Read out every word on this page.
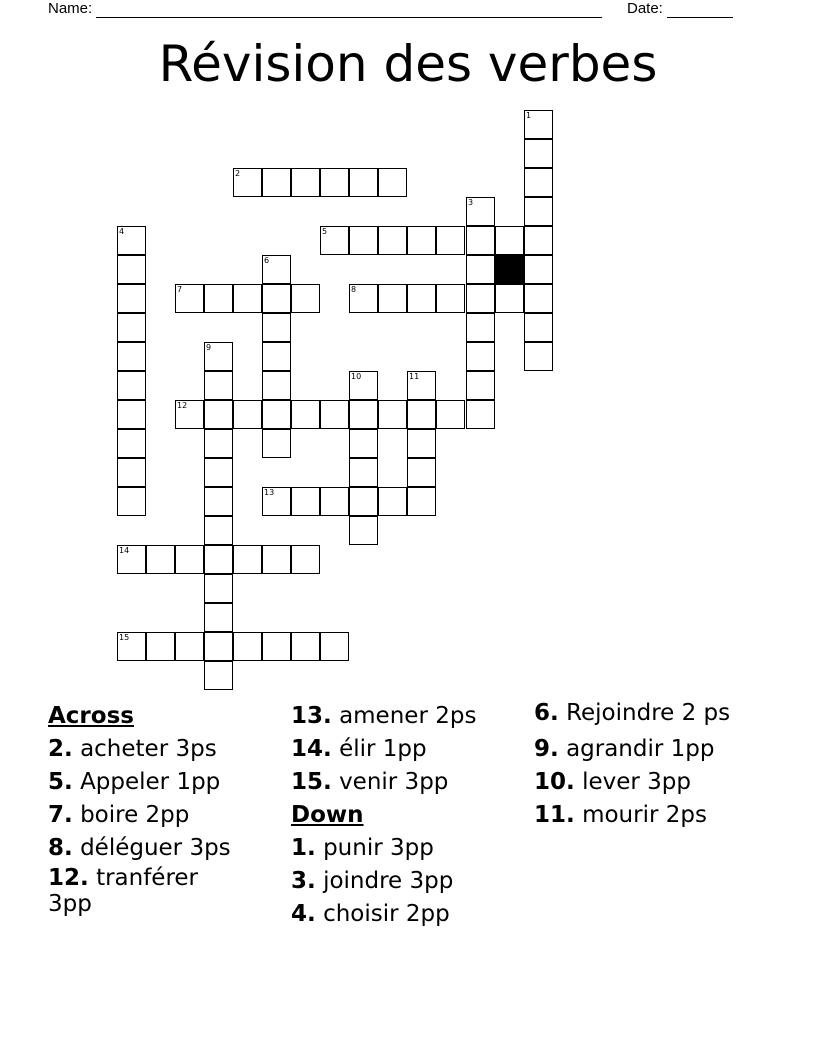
Name:	Date:
Révision des verbes
1
2
3
4	5
6
7	8
9
10	11
12
13
14
15
Across

2. acheter 3ps

5. Appeler 1pp

7. boire 2pp

8. déléguer 3ps

12. tranférer 3pp

13. amener 2ps

14. élir 1pp

15. venir 3pp

Down

1. punir 3pp

3. joindre 3pp

4. choisir 2pp

6. Rejoindre 2 ps

9. agrandir 1pp

10. lever 3pp

11. mourir 2ps
